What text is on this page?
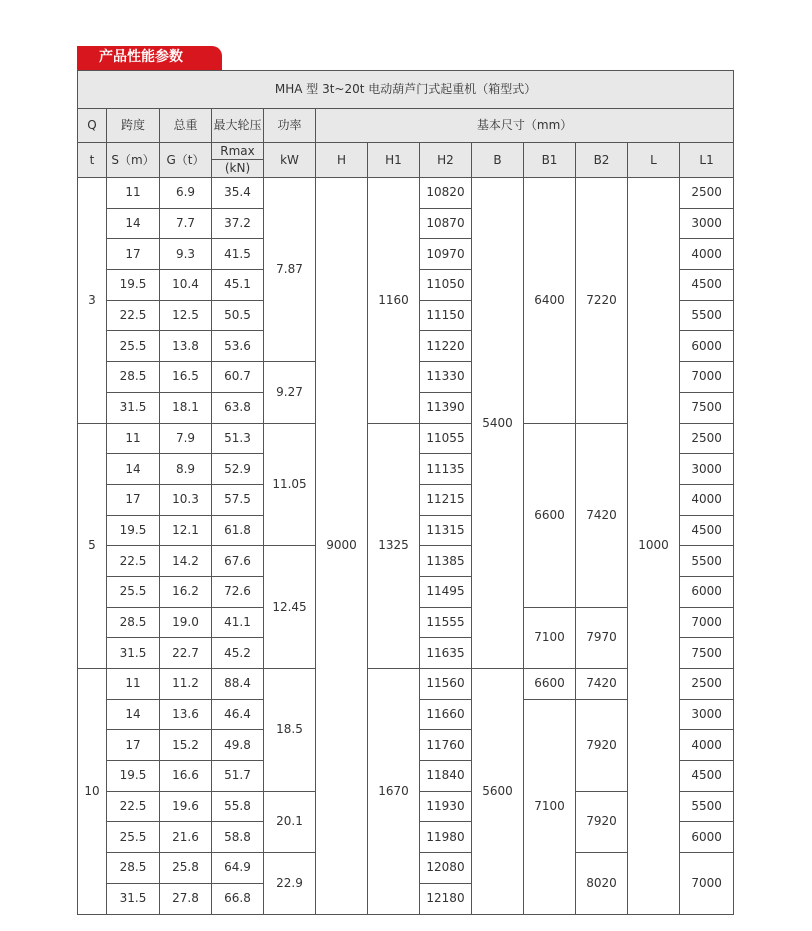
产品性能参数
MHA 型 3t~20t 电动葫芦门式起重机（箱型式）												
Q	跨度	总重	最大轮压	功率	基本尺寸（mm）							
t	S（m）	G（t）	Rmax	kW	H	H1	H2	B	B1	B2	L	L1
			(kN)									
3	11	6.9	35.4	7.87	9000	1160	10820	5400	6400	7220	1000	2500
	14	7.7	37.2				10870					3000
	17	9.3	41.5				10970					4000
	19.5	10.4	45.1				11050					4500
	22.5	12.5	50.5				11150					5500
	25.5	13.8	53.6				11220					6000
	28.5	16.5	60.7	9.27			11330					7000
	31.5	18.1	63.8				11390					7500
5	11	7.9	51.3	11.05		1325	11055		6600	7420		2500
	14	8.9	52.9				11135					3000
	17	10.3	57.5				11215					4000
	19.5	12.1	61.8				11315					4500
	22.5	14.2	67.6	12.45			11385					5500
	25.5	16.2	72.6				11495					6000
	28.5	19.0	41.1				11555		7100	7970		7000
	31.5	22.7	45.2				11635					7500
10	11	11.2	88.4	18.5		1670	11560	5600	6600	7420		2500
	14	13.6	46.4				11660		7100	7920		3000
	17	15.2	49.8				11760					4000
	19.5	16.6	51.7				11840					4500
	22.5	19.6	55.8	20.1			11930			7920		5500
	25.5	21.6	58.8				11980					6000
	28.5	25.8	64.9	22.9			12080			8020		7000
	31.5	27.8	66.8				12180					
